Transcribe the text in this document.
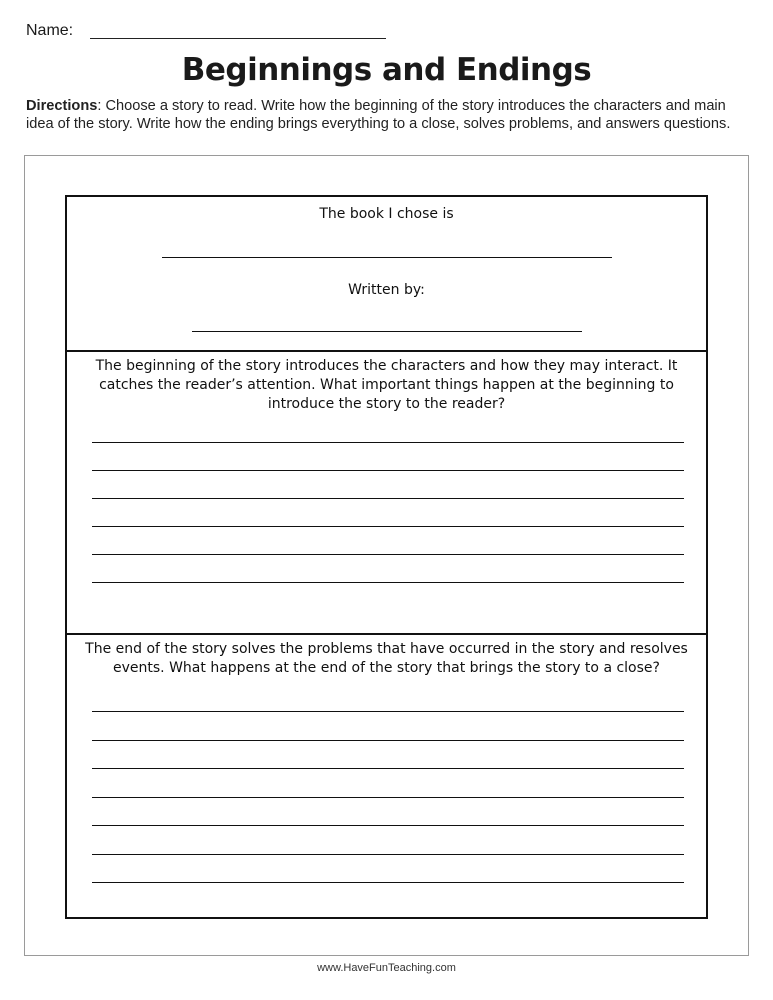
Name:
Beginnings and Endings
Directions: Choose a story to read. Write how the beginning of the story introduces the characters and main idea of the story. Write how the ending brings everything to a close, solves problems, and answers questions.
The book I chose is
Written by:
The beginning of the story introduces the characters and how they may interact. It catches the reader’s attention. What important things happen at the beginning to introduce the story to the reader?
The end of the story solves the problems that have occurred in the story and resolves events. What happens at the end of the story that brings the story to a close?
www.HaveFunTeaching.com
